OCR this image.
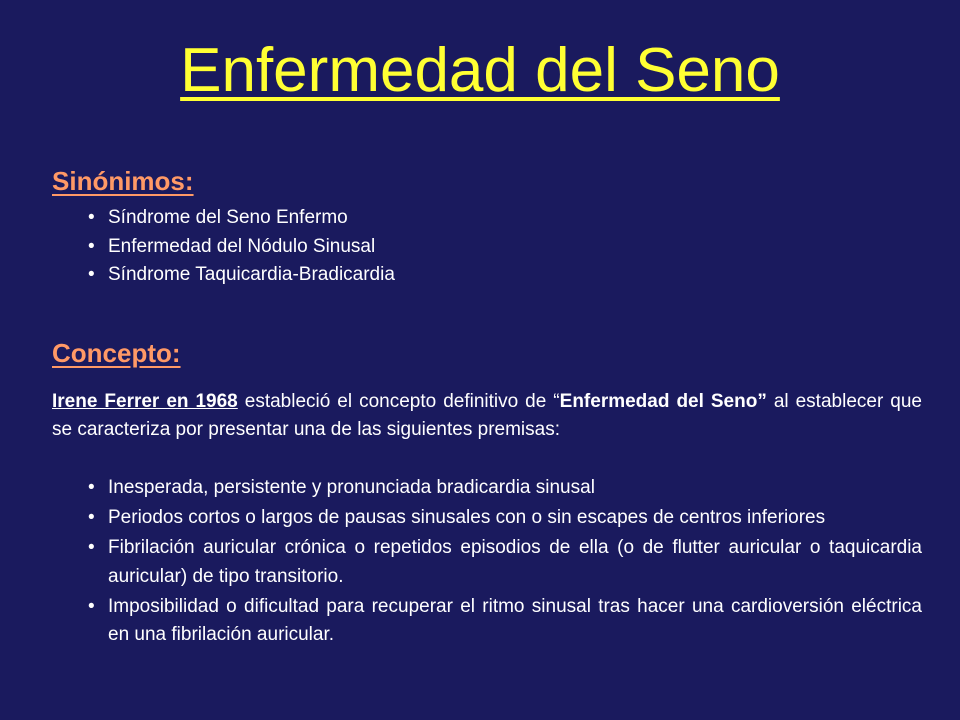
Enfermedad del Seno
Sinónimos:
• Síndrome del Seno Enfermo
• Enfermedad del Nódulo Sinusal
• Síndrome Taquicardia-Bradicardia
Concepto:

Irene Ferrer en 1968 estableció el concepto definitivo de “Enfermedad del Seno” al establecer que se caracteriza por presentar una de las siguientes premisas:

• Inesperada, persistente y pronunciada bradicardia sinusal
• Periodos cortos o largos de pausas sinusales con o sin escapes de centros inferiores
• Fibrilación auricular crónica o repetidos episodios de ella (o de flutter auricular o taquicardia auricular) de tipo transitorio.
• Imposibilidad o dificultad para recuperar el ritmo sinusal tras hacer una cardioversión eléctrica en una fibrilación auricular.
